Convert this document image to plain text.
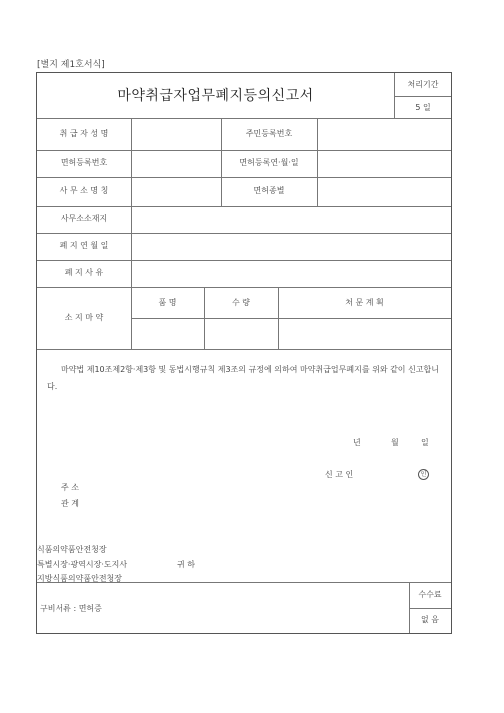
[별지 제1호서식]
마약취급자업무폐지등의신고서
처리기간
5 일
취 급 자 성 명	주민등록번호
면허등록번호	면허등록연·월·일
사 무 소 명 칭	면허종별
사무소소재지
폐 지 연 월 일
폐 지 사 유
소 지 마 약
품 명	수 량	처 문 계 획

마약법 제10조제2항·제3항 및 동법시행규칙 제3조의 규정에 의하여 마약취급업무폐지를 위와 같이 신고합니다.

년	월	일
신 고 인	인
주 소
관 계
식품의약품안전청장
특별시장·광역시장·도지사	귀 하
지방식품의약품안전청장
구비서류 : 면허증
수수료
없 음
